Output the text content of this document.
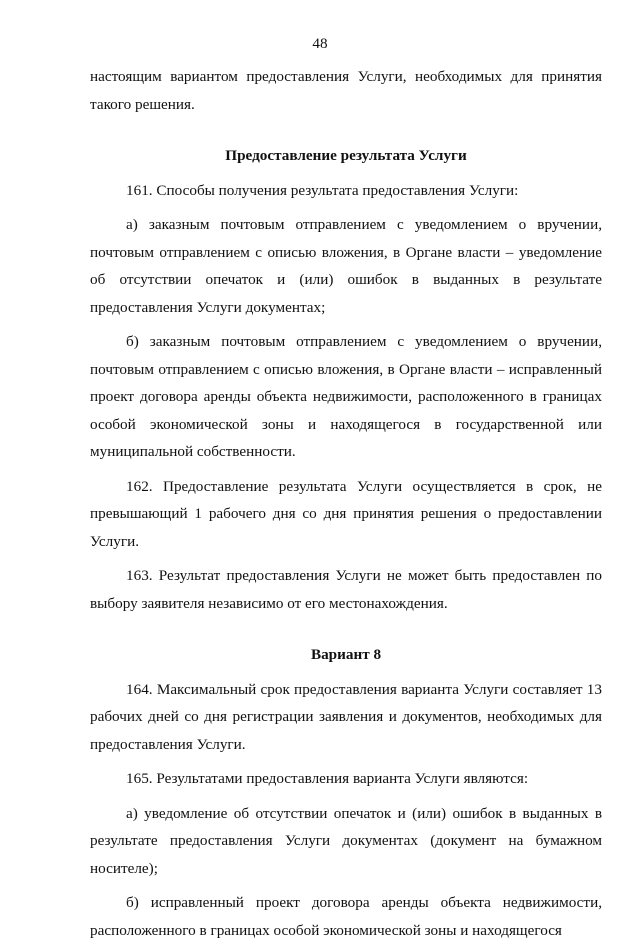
48

настоящим вариантом предоставления Услуги, необходимых для принятия такого решения.

Предоставление результата Услуги

161. Способы получения результата предоставления Услуги:

а) заказным почтовым отправлением с уведомлением о вручении, почтовым отправлением с описью вложения, в Органе власти – уведомление об отсутствии опечаток и (или) ошибок в выданных в результате предоставления Услуги документах;

б) заказным почтовым отправлением с уведомлением о вручении, почтовым отправлением с описью вложения, в Органе власти – исправленный проект договора аренды объекта недвижимости, расположенного в границах особой экономической зоны и находящегося в государственной или муниципальной собственности.

162. Предоставление результата Услуги осуществляется в срок, не превышающий 1 рабочего дня со дня принятия решения о предоставлении Услуги.

163. Результат предоставления Услуги не может быть предоставлен по выбору заявителя независимо от его местонахождения.

Вариант 8

164. Максимальный срок предоставления варианта Услуги составляет 13 рабочих дней со дня регистрации заявления и документов, необходимых для предоставления Услуги.

165. Результатами предоставления варианта Услуги являются:

а) уведомление об отсутствии опечаток и (или) ошибок в выданных в результате предоставления Услуги документах (документ на бумажном носителе);

б) исправленный проект договора аренды объекта недвижимости, расположенного в границах особой экономической зоны и находящегося
